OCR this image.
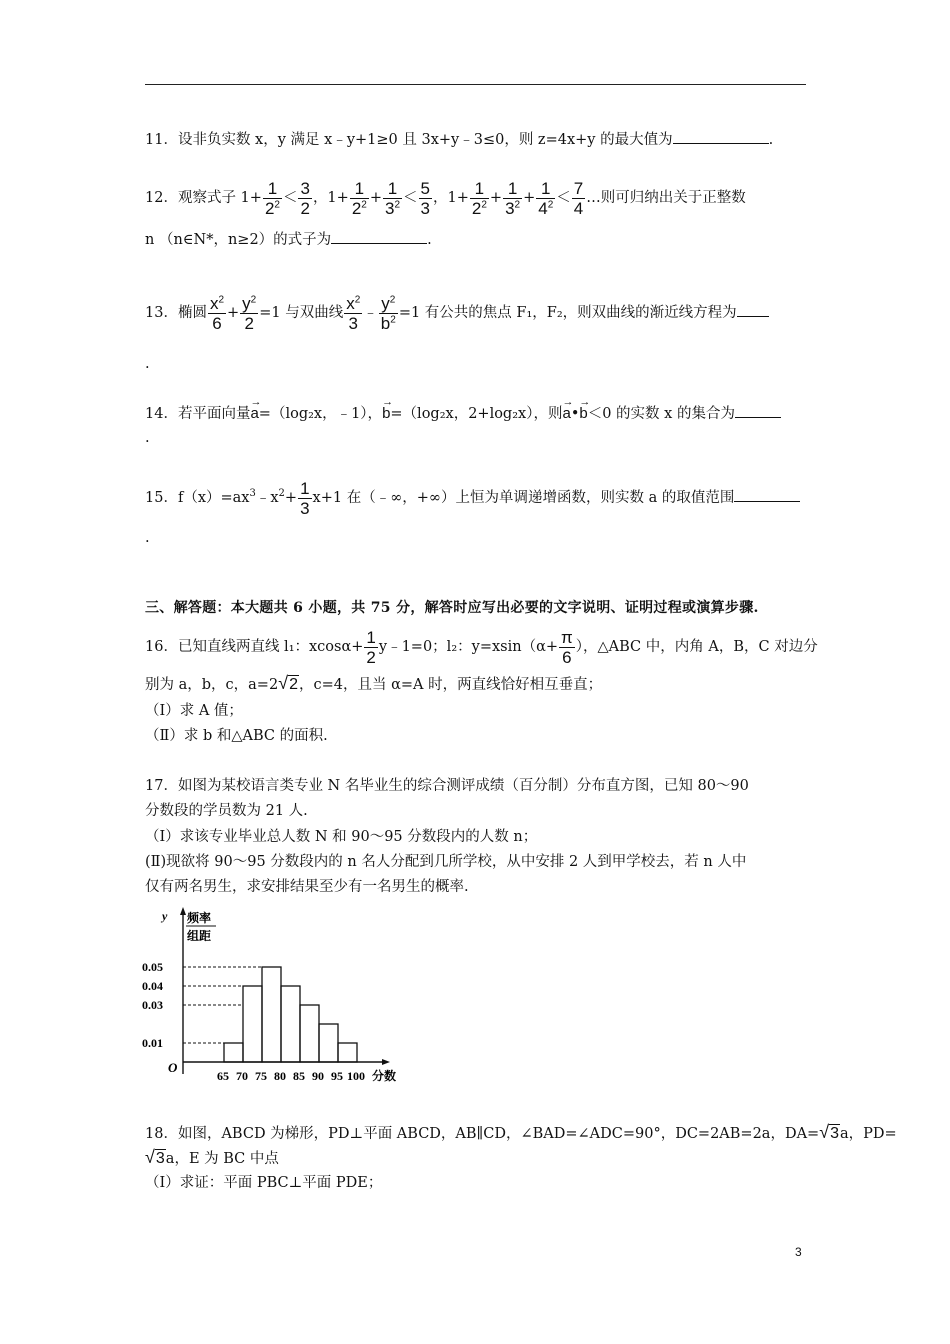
11．设非负实数 x，y 满足 x﹣y+1≥0 且 3x+y﹣3≤0，则 z=4x+y 的最大值为	.
12．观察式子 $1+ \frac{1}{2^2} < \frac{3}{2}$ ，$1+ \frac{1}{2^2} + \frac{1}{3^2} < \frac{5}{3}$ ，$1+ \frac{1}{2^2} + \frac{1}{3^2} + \frac{1}{4^2} < \frac{7}{4}$ …则可归纳出关于正整数
n （n∈N*，n≥2）的式子为	.
13．椭圆 $\frac{x^2}{6} + \frac{y^2}{2} =1$ 与双曲线 $\frac{x^2}{3}$ ﹣ $\frac{y^2}{b^2} =1$ 有公共的焦点 F₁，F₂，则双曲线的渐近线方程为
.
14．若平面向量→ a=（log₂x，﹣1），→ b=（log₂x，2+log₂x），则→ a•→ b＜0 的实数 x 的集合为
.
15．$f(x)=ax^3﹣x^2+ \frac{1}{3} x+1$ 在（﹣∞，+∞）上恒为单调递增函数，则实数 a 的取值范围
.
三、解答题：本大题共 6 小题，共 75 分，解答时应写出必要的文字说明、证明过程或演算步骤.
16．已知直线两直线 l₁：$xcos\alpha+ \frac{1}{2}$ y﹣1=0；l₂：$y=xsin(\alpha+ \frac{\pi}{6}$ ），△ABC 中，内角 A，B，C 对边分
别为 a，b，c，a=2√2，c=4，且当 α=A 时，两直线恰好相互垂直；
（Ⅰ）求 A 值；
（Ⅱ）求 b 和△ABC 的面积.
17．如图为某校语言类专业 N 名毕业生的综合测评成绩（百分制）分布直方图，已知 80～90
分数段的学员数为 21 人.
（Ⅰ）求该专业毕业总人数 N 和 90～95 分数段内的人数 n；
(Ⅱ)现欲将 90～95 分数段内的 n 名人分配到几所学校，从中安排 2 人到甲学校去，若 n 人中
仅有两名男生，求安排结果至少有一名男生的概率.
y 频率
组距
0.05
0.04
0.03
0.01
65 70 75 80 85 90 95 100 分数
O
18．如图，ABCD 为梯形，PD⊥平面 ABCD，AB∥CD，∠BAD=∠ADC=90°，DC=2AB=2a，DA=√3a，PD=
√3a，E 为 BC 中点
（Ⅰ）求证：平面 PBC⊥平面 PDE；
3
